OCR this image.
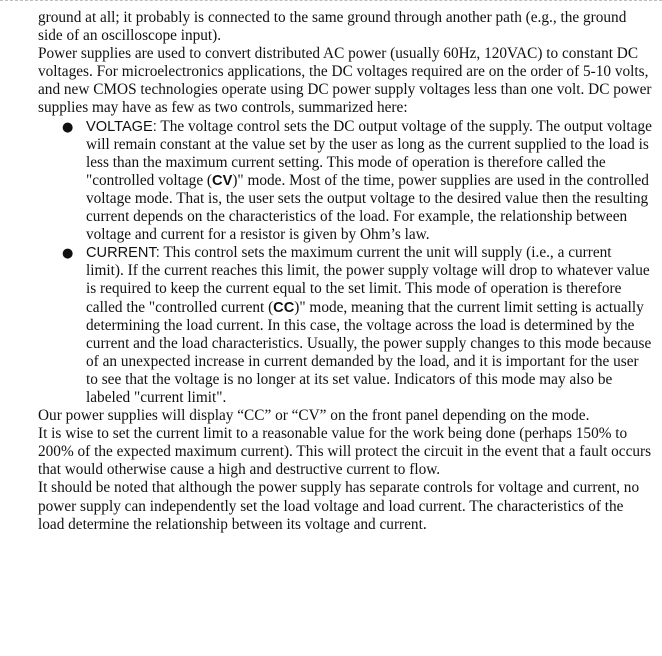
ground at all; it probably is connected to the same ground through another path (e.g., the ground side of an oscilloscope input).

Power supplies are used to convert distributed AC power (usually 60Hz, 120VAC) to constant DC voltages. For microelectronics applications, the DC voltages required are on the order of 5-10 volts, and new CMOS technologies operate using DC power supply voltages less than one volt. DC power supplies may have as few as two controls, summarized here:

● VOLTAGE: The voltage control sets the DC output voltage of the supply. The output voltage will remain constant at the value set by the user as long as the current supplied to the load is less than the maximum current setting. This mode of operation is therefore called the "controlled voltage (CV)" mode. Most of the time, power supplies are used in the controlled voltage mode. That is, the user sets the output voltage to the desired value then the resulting current depends on the characteristics of the load. For example, the relationship between voltage and current for a resistor is given by Ohm’s law.
● CURRENT: This control sets the maximum current the unit will supply (i.e., a current limit). If the current reaches this limit, the power supply voltage will drop to whatever value is required to keep the current equal to the set limit. This mode of operation is therefore called the "controlled current (CC)" mode, meaning that the current limit setting is actually determining the load current. In this case, the voltage across the load is determined by the current and the load characteristics. Usually, the power supply changes to this mode because of an unexpected increase in current demanded by the load, and it is important for the user to see that the voltage is no longer at its set value. Indicators of this mode may also be labeled "current limit".

Our power supplies will display “CC” or “CV” on the front panel depending on the mode.

It is wise to set the current limit to a reasonable value for the work being done (perhaps 150% to 200% of the expected maximum current). This will protect the circuit in the event that a fault occurs that would otherwise cause a high and destructive current to flow.

It should be noted that although the power supply has separate controls for voltage and current, no power supply can independently set the load voltage and load current. The characteristics of the load determine the relationship between its voltage and current.
